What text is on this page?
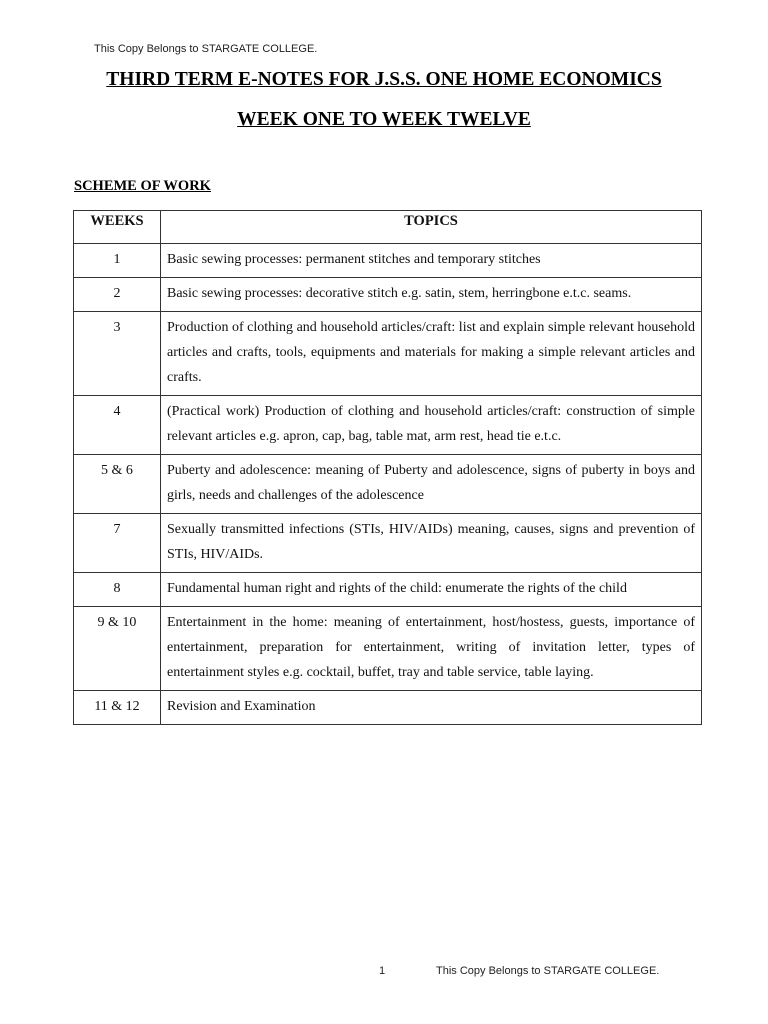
This Copy Belongs to STARGATE COLLEGE.
THIRD TERM E-NOTES FOR J.S.S. ONE HOME ECONOMICS
WEEK ONE TO WEEK TWELVE
SCHEME OF WORK
WEEKS	TOPICS
1	Basic sewing processes: permanent stitches and temporary stitches
2	Basic sewing processes: decorative stitch e.g. satin, stem, herringbone e.t.c. seams.
3	Production of clothing and household articles/craft: list and explain simple relevant household articles and crafts, tools, equipments and materials for making a simple relevant articles and crafts.
4	(Practical work) Production of clothing and household articles/craft: construction of simple relevant articles e.g. apron, cap, bag, table mat, arm rest, head tie e.t.c.
5 & 6	Puberty and adolescence: meaning of Puberty and adolescence, signs of puberty in boys and girls, needs and challenges of the adolescence
7	Sexually transmitted infections (STIs, HIV/AIDs) meaning, causes, signs and prevention of STIs, HIV/AIDs.
8	Fundamental human right and rights of the child: enumerate the rights of the child
9 & 10	Entertainment in the home: meaning of entertainment, host/hostess, guests, importance of entertainment, preparation for entertainment, writing of invitation letter, types of entertainment styles e.g. cocktail, buffet, tray and table service, table laying.
11 & 12	Revision and Examination
1	This Copy Belongs to STARGATE COLLEGE.
